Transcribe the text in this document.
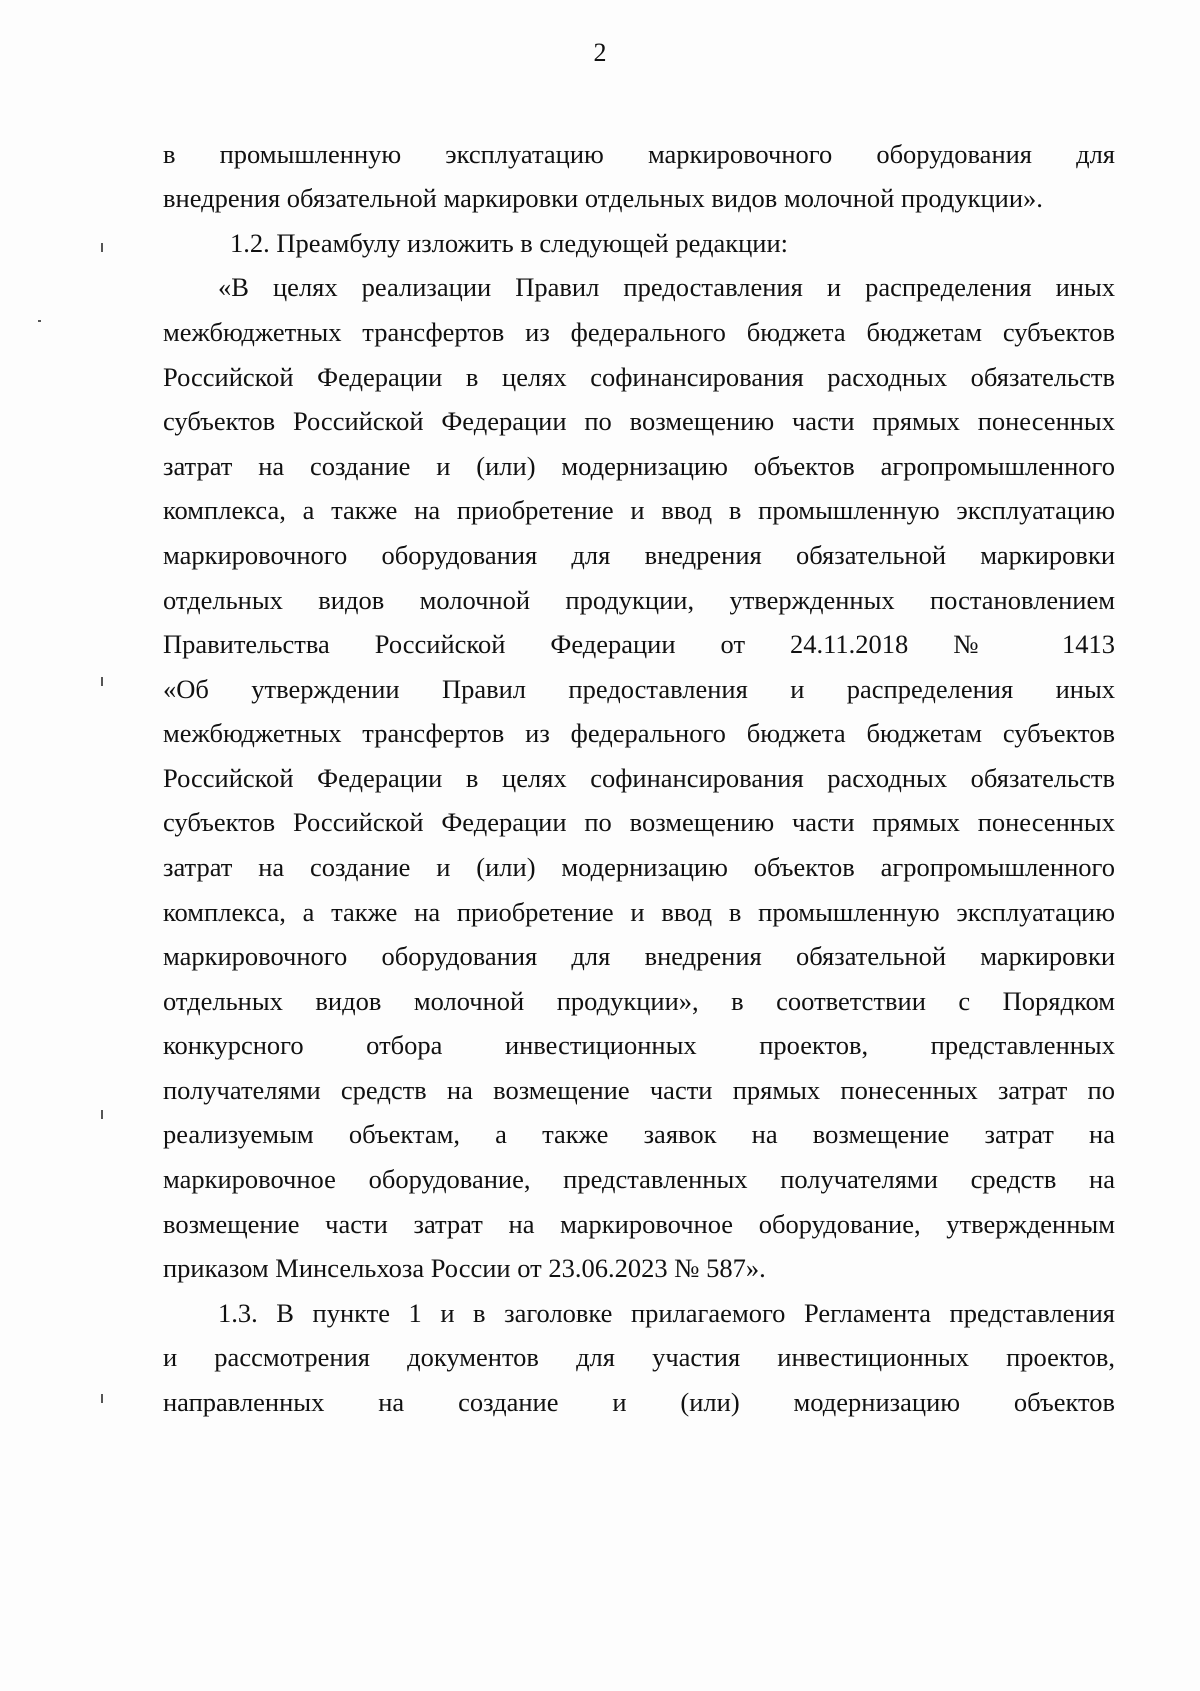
2
в промышленную эксплуатацию маркировочного оборудования для
внедрения обязательной маркировки отдельных видов молочной продукции».
1.2. Преамбулу изложить в следующей редакции:
«В целях реализации Правил предоставления и распределения иных
межбюджетных трансфертов из федерального бюджета бюджетам субъектов
Российской Федерации в целях софинансирования расходных обязательств
субъектов Российской Федерации по возмещению части прямых понесенных
затрат на создание и (или) модернизацию объектов агропромышленного
комплекса, а также на приобретение и ввод в промышленную эксплуатацию
маркировочного оборудования для внедрения обязательной маркировки
отдельных видов молочной продукции, утвержденных постановлением
Правительства Российской Федерации от 24.11.2018 № 1413
«Об утверждении Правил предоставления и распределения иных
межбюджетных трансфертов из федерального бюджета бюджетам субъектов
Российской Федерации в целях софинансирования расходных обязательств
субъектов Российской Федерации по возмещению части прямых понесенных
затрат на создание и (или) модернизацию объектов агропромышленного
комплекса, а также на приобретение и ввод в промышленную эксплуатацию
маркировочного оборудования для внедрения обязательной маркировки
отдельных видов молочной продукции», в соответствии с Порядком
конкурсного отбора инвестиционных проектов, представленных
получателями средств на возмещение части прямых понесенных затрат по
реализуемым объектам, а также заявок на возмещение затрат на
маркировочное оборудование, представленных получателями средств на
возмещение части затрат на маркировочное оборудование, утвержденным
приказом Минсельхоза России от 23.06.2023 № 587».
1.3. В пункте 1 и в заголовке прилагаемого Регламента представления
и рассмотрения документов для участия инвестиционных проектов,
направленных на создание и (или) модернизацию объектов
